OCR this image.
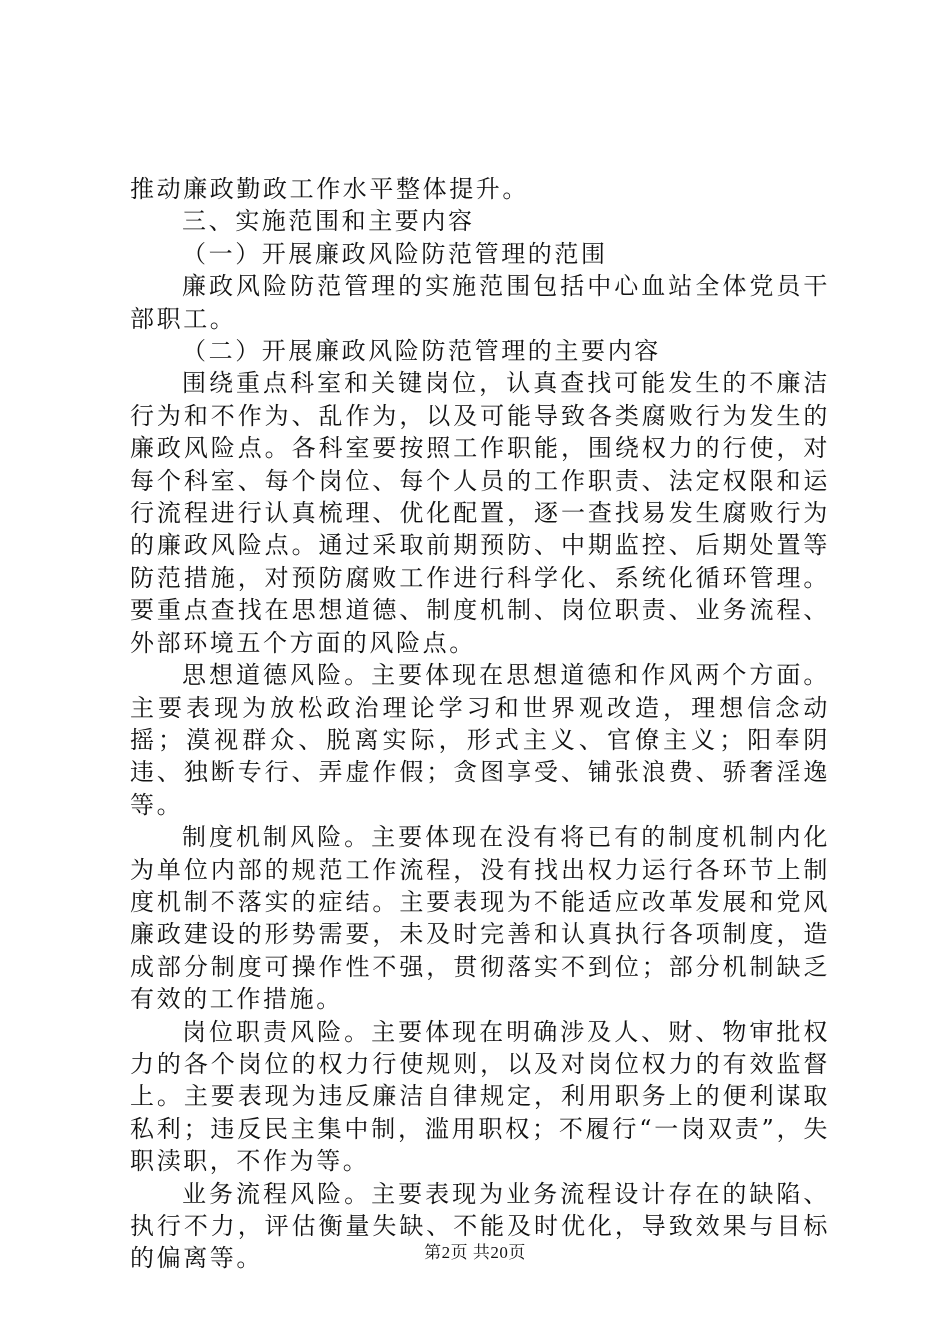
推动廉政勤政工作水平整体提升。

三、实施范围和主要内容

（一）开展廉政风险防范管理的范围

廉政风险防范管理的实施范围包括中心血站全体党员干部职工。

（二）开展廉政风险防范管理的主要内容

围绕重点科室和关键岗位，认真查找可能发生的不廉洁行为和不作为、乱作为，以及可能导致各类腐败行为发生的廉政风险点。各科室要按照工作职能，围绕权力的行使，对每个科室、每个岗位、每个人员的工作职责、法定权限和运行流程进行认真梳理、优化配置，逐一查找易发生腐败行为的廉政风险点。通过采取前期预防、中期监控、后期处置等防范措施，对预防腐败工作进行科学化、系统化循环管理。要重点查找在思想道德、制度机制、岗位职责、业务流程、外部环境五个方面的风险点。

思想道德风险。主要体现在思想道德和作风两个方面。主要表现为放松政治理论学习和世界观改造，理想信念动摇；漠视群众、脱离实际，形式主义、官僚主义；阳奉阴违、独断专行、弄虚作假；贪图享受、铺张浪费、骄奢淫逸等。

制度机制风险。主要体现在没有将已有的制度机制内化为单位内部的规范工作流程，没有找出权力运行各环节上制度机制不落实的症结。主要表现为不能适应改革发展和党风廉政建设的形势需要，未及时完善和认真执行各项制度，造成部分制度可操作性不强，贯彻落实不到位；部分机制缺乏有效的工作措施。

岗位职责风险。主要体现在明确涉及人、财、物审批权力的各个岗位的权力行使规则，以及对岗位权力的有效监督上。主要表现为违反廉洁自律规定，利用职务上的便利谋取私利；违反民主集中制，滥用职权；不履行“一岗双责”，失职渎职，不作为等。

业务流程风险。主要表现为业务流程设计存在的缺陷、执行不力，评估衡量失缺、不能及时优化，导致效果与目标的偏离等。	第2页 共20页
